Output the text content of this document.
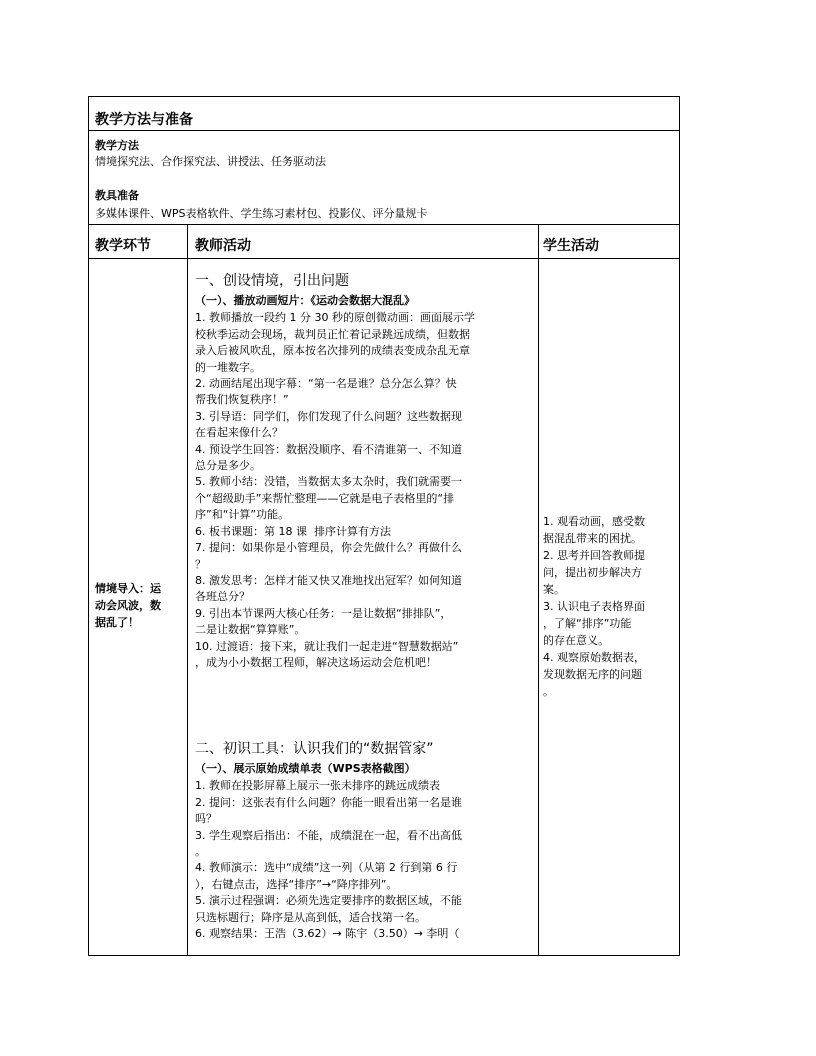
教学方法与准备
教学方法
情境探究法、合作探究法、讲授法、任务驱动法
教具准备
多媒体课件、WPS表格软件、学生练习素材包、投影仪、评分量规卡
教学环节	教师活动	学生活动
情境导入：运
动会风波，数
据乱了！
一、创设情境，引出问题
（一）、播放动画短片：《运动会数据大混乱》
1. 教师播放一段约 1 分 30 秒的原创微动画：画面展示学
校秋季运动会现场，裁判员正忙着记录跳远成绩，但数据
录入后被风吹乱，原本按名次排列的成绩表变成杂乱无章
的一堆数字。
2. 动画结尾出现字幕：“第一名是谁？总分怎么算？快
帮我们恢复秩序！”
3. 引导语：同学们，你们发现了什么问题？这些数据现
在看起来像什么？
4. 预设学生回答：数据没顺序、看不清谁第一、不知道
总分是多少。
5. 教师小结：没错，当数据太多太杂时，我们就需要一
个“超级助手”来帮忙整理——它就是电子表格里的“排
序”和“计算”功能。
6. 板书课题：第 18 课  排序计算有方法
7. 提问：如果你是小管理员，你会先做什么？再做什么
？
8. 激发思考：怎样才能又快又准地找出冠军？如何知道
各班总分？
9. 引出本节课两大核心任务：一是让数据“排排队”，
二是让数据“算算账”。
10. 过渡语：接下来，就让我们一起走进“智慧数据站”
，成为小小数据工程师，解决这场运动会危机吧！
二、初识工具：认识我们的“数据管家”
（一）、展示原始成绩单表（WPS表格截图）
1. 教师在投影屏幕上展示一张未排序的跳远成绩表
2. 提问：这张表有什么问题？你能一眼看出第一名是谁
吗？
3. 学生观察后指出：不能，成绩混在一起，看不出高低
。
4. 教师演示：选中“成绩”这一列（从第 2 行到第 6 行
），右键点击，选择“排序”→“降序排列”。
5. 演示过程强调：必须先选定要排序的数据区域，不能
只选标题行；降序是从高到低，适合找第一名。
6. 观察结果：王浩（3.62）→ 陈宇（3.50）→ 李明（
1. 观看动画，感受数
据混乱带来的困扰。
2. 思考并回答教师提
问，提出初步解决方
案。
3. 认识电子表格界面
，了解“排序”功能
的存在意义。
4. 观察原始数据表，
发现数据无序的问题
。
